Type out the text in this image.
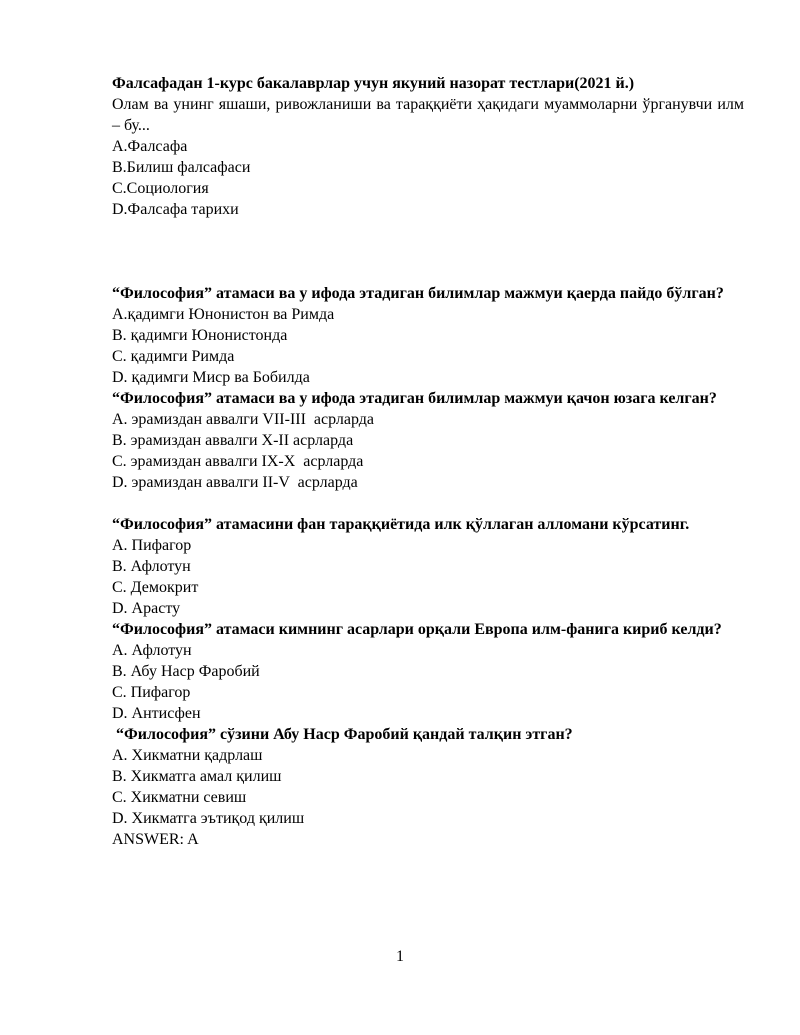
Фалсафадан 1-курс бакалаврлар учун якуний назорат тестлари(2021 й.)
Олам ва унинг яшаши, ривожланиши ва тараққиёти ҳақидаги муаммоларни ўрганувчи илм – бу...
A.Фалсафа
B.Билиш фалсафаси
C.Социология
D.Фалсафа тарихи
“Философия” атамаси ва у ифода этадиган билимлар мажмуи қаерда пайдо бўлган?
A.қадимги Юнонистон ва Римда
B. қадимги Юнонистонда
C. қадимги Римда
D. қадимги Миср ва Бобилда
“Философия” атамаси ва у ифода этадиган билимлар мажмуи қачон юзага келган?
A. эрамиздан аввалги VII-III  асрларда
B. эрамиздан аввалги X-II асрларда
C. эрамиздан аввалги IX-X  асрларда
D. эрамиздан аввалги II-V  асрларда
“Философия” атамасини фан тараққиётида илк қўллаган алломани кўрсатинг.
A. Пифагор
B. Афлотун
C. Демокрит
D. Арасту
“Философия” атамаси кимнинг асарлари орқали Европа илм-фанига кириб келди?
A. Афлотун
B. Абу Наср Фаробий
C. Пифагор
D. Антисфен
“Философия” сўзини Абу Наср Фаробий қандай талқин этган?
A. Хикматни қадрлаш
B. Хикматга амал қилиш
C. Хикматни севиш
D. Хикматга эътиқод қилиш
ANSWER: A
1
